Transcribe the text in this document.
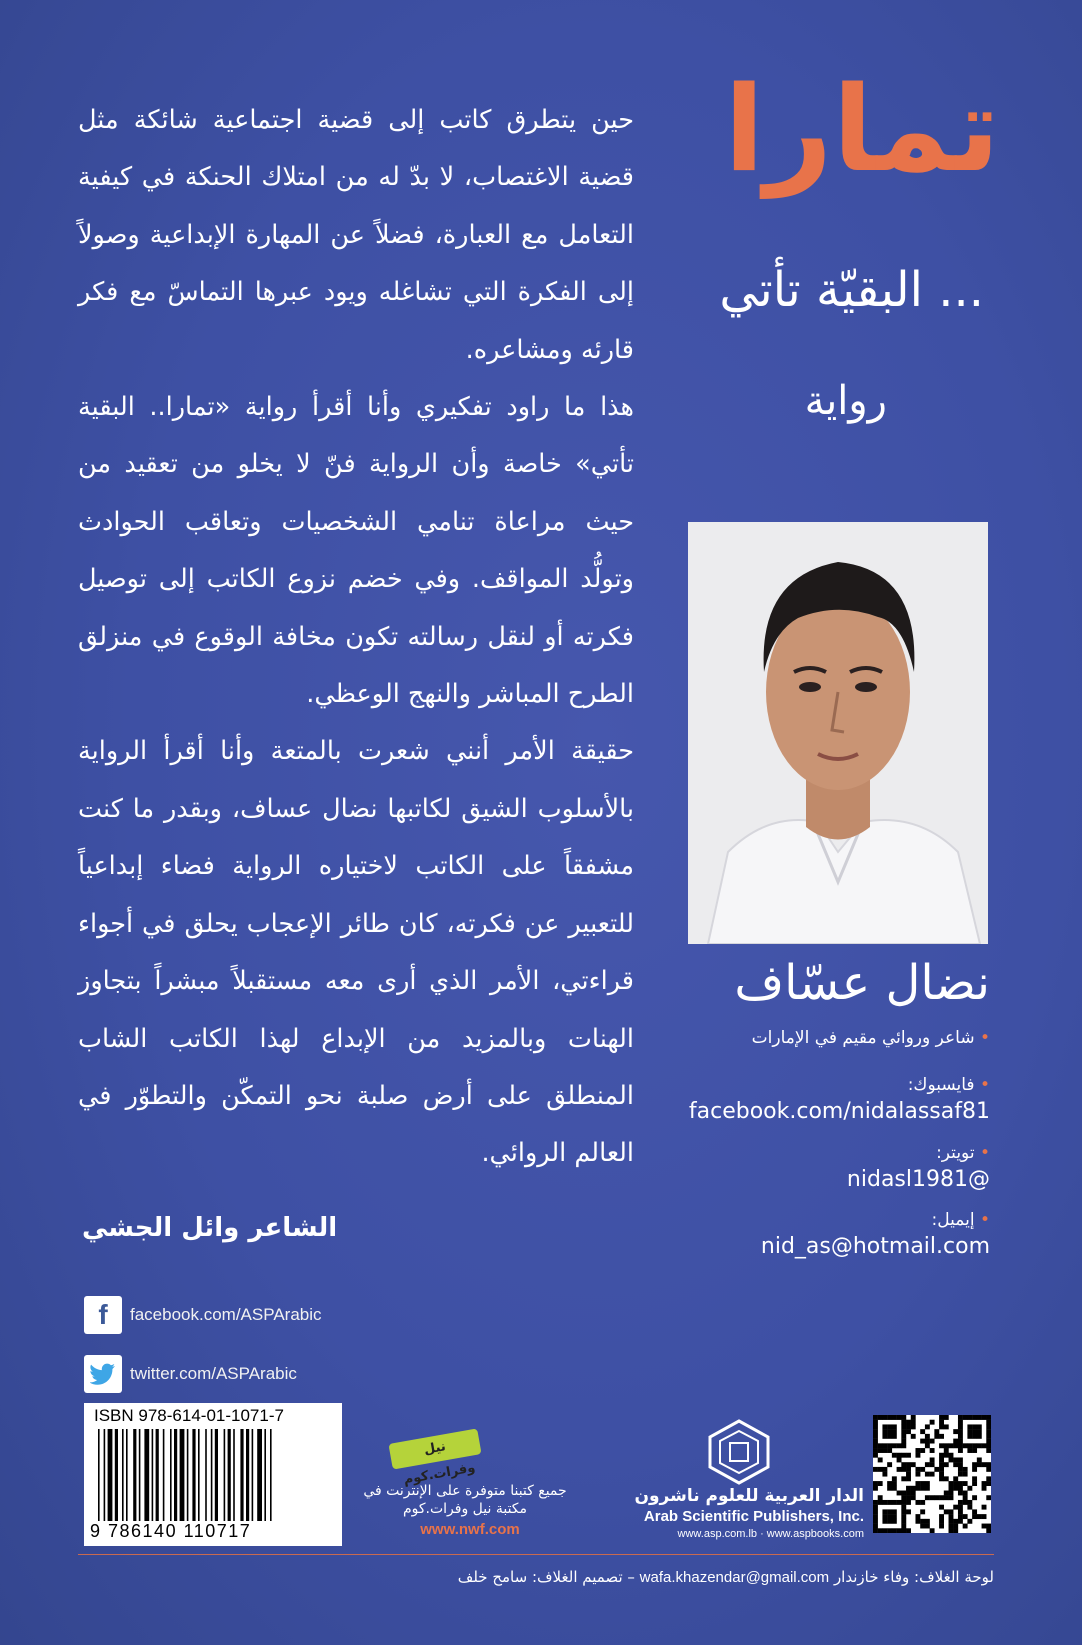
حين يتطرق كاتب إلى قضية اجتماعية شائكة مثل قضية الاغتصاب، لا بدّ له من امتلاك الحنكة في كيفية التعامل مع العبارة، فضلاً عن المهارة الإبداعية وصولاً إلى الفكرة التي تشاغله ويود عبرها التماسّ مع فكر قارئه ومشاعره.

هذا ما راود تفكيري وأنا أقرأ رواية «تمارا.. البقية تأتي» خاصة وأن الرواية فنّ لا يخلو من تعقيد من حيث مراعاة تنامي الشخصيات وتعاقب الحوادث وتولُّد المواقف. وفي خضم نزوع الكاتب إلى توصيل فكرته أو لنقل رسالته تكون مخافة الوقوع في منزلق الطرح المباشر والنهج الوعظي.

حقيقة الأمر أنني شعرت بالمتعة وأنا أقرأ الرواية بالأسلوب الشيق لكاتبها نضال عساف، وبقدر ما كنت مشفقاً على الكاتب لاختياره الرواية فضاء إبداعياً للتعبير عن فكرته، كان طائر الإعجاب يحلق في أجواء قراءتي، الأمر الذي أرى معه مستقبلاً مبشراً بتجاوز الهنات وبالمزيد من الإبداع لهذا الكاتب الشاب المنطلق على أرض صلبة نحو التمكّن والتطوّر في العالم الروائي.

الشاعر وائل الجشي
تمارا
... البقيّة تأتي
رواية
نضال عسّاف
• شاعر وروائي مقيم في الإمارات
• فايسبوك:
facebook.com/nidalassaf81
• تويتر:
nidasl1981@
• إيميل:
nid_as@hotmail.com
f	facebook.com/ASPArabic
twitter.com/ASPArabic
ISBN 978-614-01-1071-7
9 786140 110717
نيل وفرات.كوم
جميع كتبنا متوفرة على الإنترنت في مكتبة نيل وفرات.كوم
www.nwf.com
الدار العربية للعلوم ناشرون
Arab Scientific Publishers, Inc.
www.asp.com.lb · www.aspbooks.com
لوحة الغلاف: وفاء خازندار wafa.khazendar@gmail.com – تصميم الغلاف: سامح خلف
